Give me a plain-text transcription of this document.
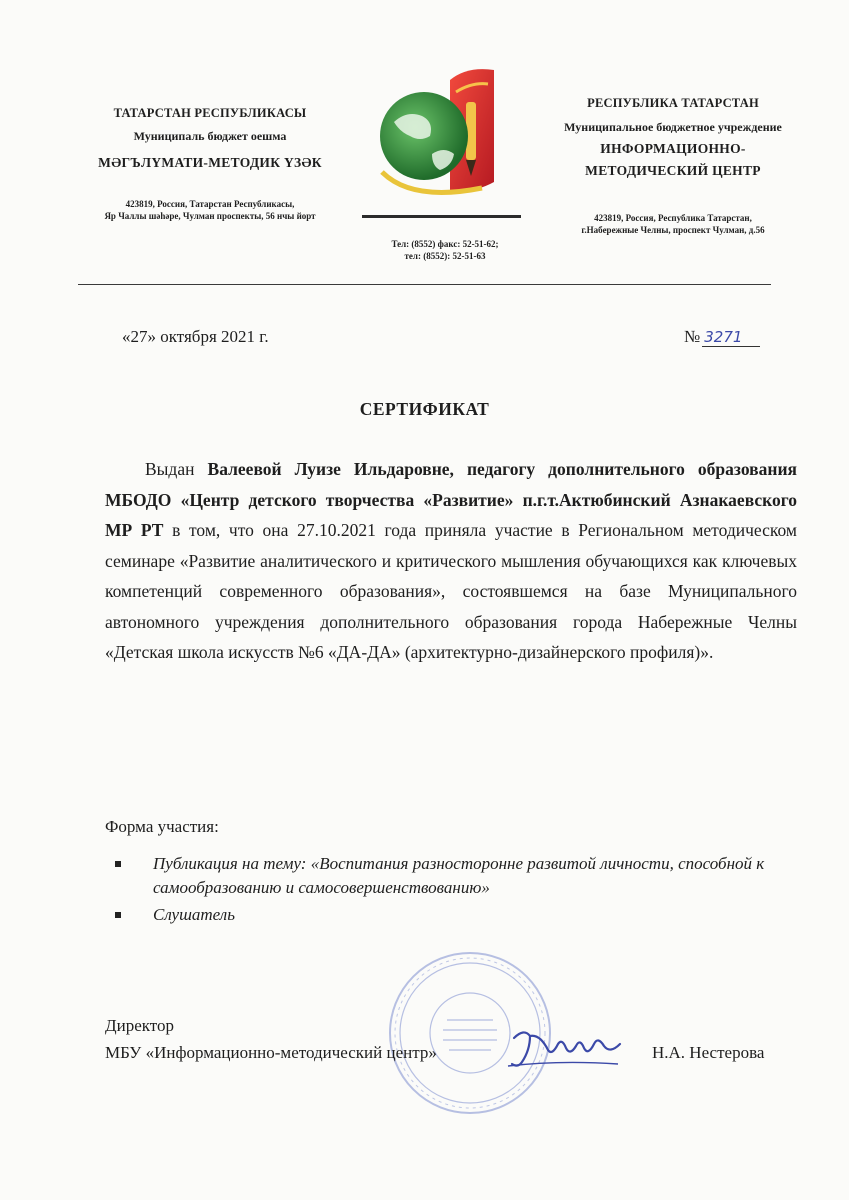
ТАТАРСТАН РЕСПУБЛИКАСЫ
Муниципаль бюджет оешма
МӘГЪЛҮМАТИ-МЕТОДИК ҮЗӘК
423819, Россия, Татарстан Республикасы,
Яр Чаллы шәһәре, Чулман проспекты, 56 нчы йорт
Тел: (8552) факс: 52-51-62;
тел: (8552): 52-51-63
РЕСПУБЛИКА ТАТАРСТАН
Муниципальное бюджетное учреждение
ИНФОРМАЦИОННО-
МЕТОДИЧЕСКИЙ ЦЕНТР
423819, Россия, Республика Татарстан,
г.Набережные Челны, проспект Чулман, д.56
«27» октября 2021 г.	№ 3271
СЕРТИФИКАТ
Выдан Валеевой Луизе Ильдаровне, педагогу дополнительного образования МБОДО «Центр детского творчества «Развитие» п.г.т.Актюбинский Азнакаевского МР РТ в том, что она 27.10.2021 года приняла участие в Региональном методическом семинаре «Развитие аналитического и критического мышления обучающихся как ключевых компетенций современного образования», состоявшемся на базе Муниципального автономного учреждения дополнительного образования города Набережные Челны «Детская школа искусств №6 «ДА-ДА» (архитектурно-дизайнерского профиля)».
Форма участия:
Публикация на тему: «Воспитания разносторонне развитой личности, способной к самообразованию и самосовершенствованию»
Слушатель
Директор
МБУ «Информационно-методический центр»	Н.А. Нестерова
